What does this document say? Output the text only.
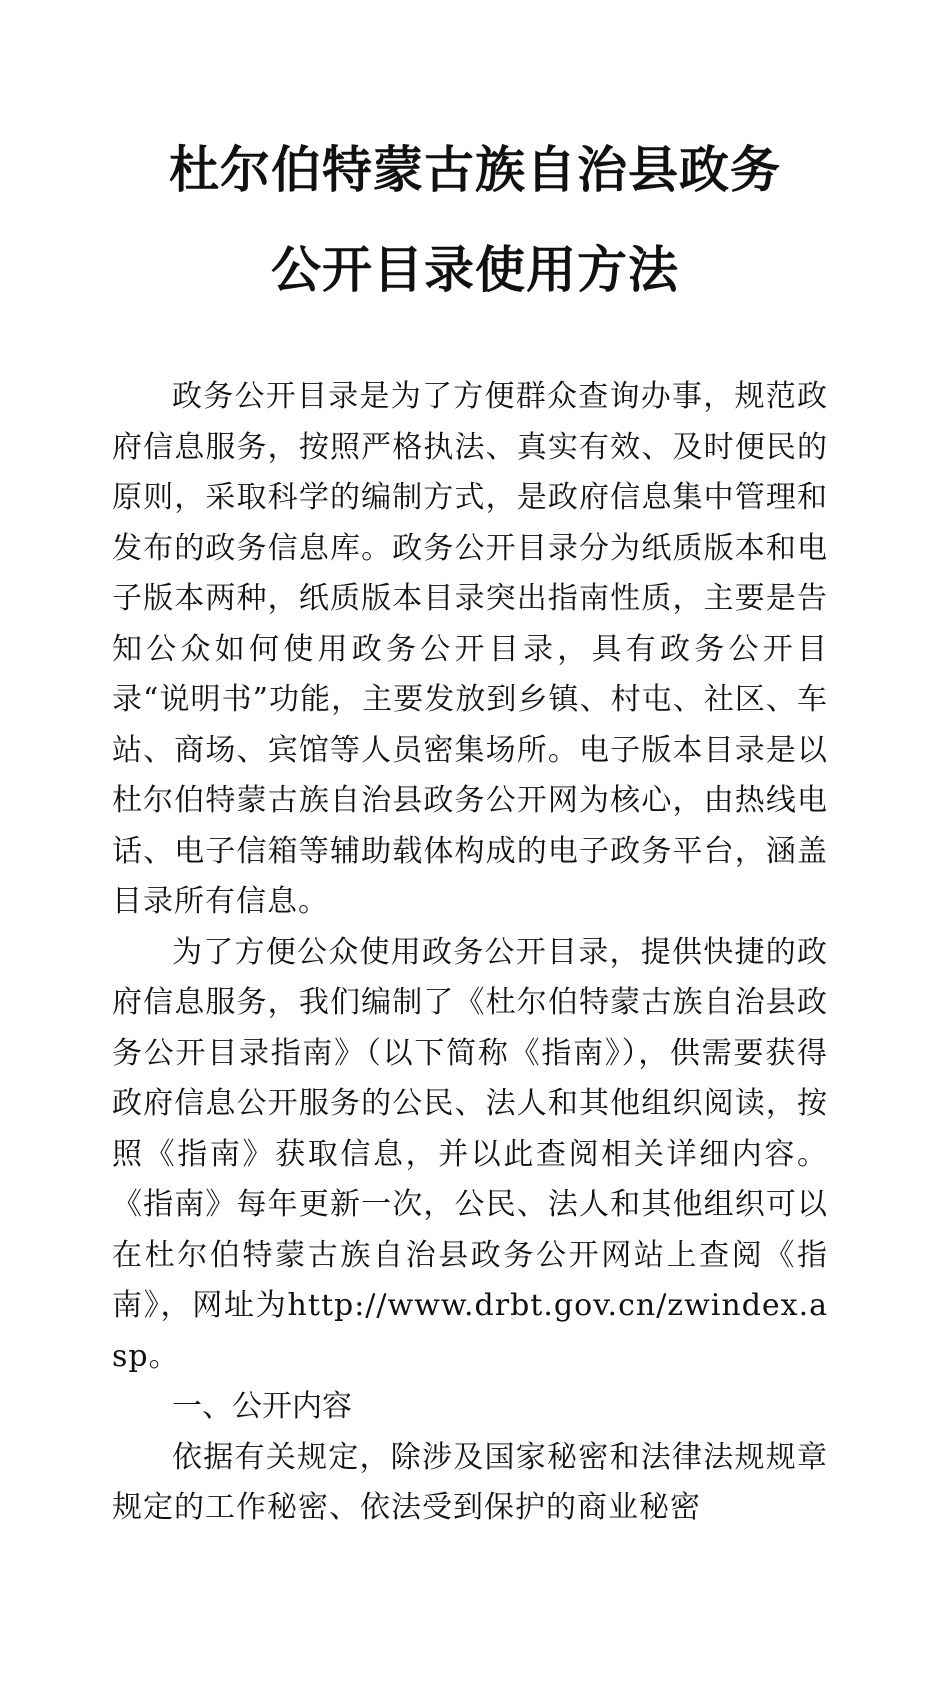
杜尔伯特蒙古族自治县政务
公开目录使用方法

政务公开目录是为了方便群众查询办事，规范政府信息服务，按照严格执法、真实有效、及时便民的原则，采取科学的编制方式，是政府信息集中管理和发布的政务信息库。政务公开目录分为纸质版本和电子版本两种，纸质版本目录突出指南性质，主要是告知公众如何使用政务公开目录，具有政务公开目录“说明书”功能，主要发放到乡镇、村屯、社区、车站、商场、宾馆等人员密集场所。电子版本目录是以杜尔伯特蒙古族自治县政务公开网为核心，由热线电话、电子信箱等辅助载体构成的电子政务平台，涵盖目录所有信息。

为了方便公众使用政务公开目录，提供快捷的政府信息服务，我们编制了《杜尔伯特蒙古族自治县政务公开目录指南》（以下简称《指南》），供需要获得政府信息公开服务的公民、法人和其他组织阅读，按照《指南》获取信息，并以此查阅相关详细内容。《指南》每年更新一次，公民、法人和其他组织可以在杜尔伯特蒙古族自治县政务公开网站上查阅《指南》，网址为http://www.drbt.gov.cn/zwindex.asp。

一、公开内容

依据有关规定，除涉及国家秘密和法律法规规章规定的工作秘密、依法受到保护的商业秘密
